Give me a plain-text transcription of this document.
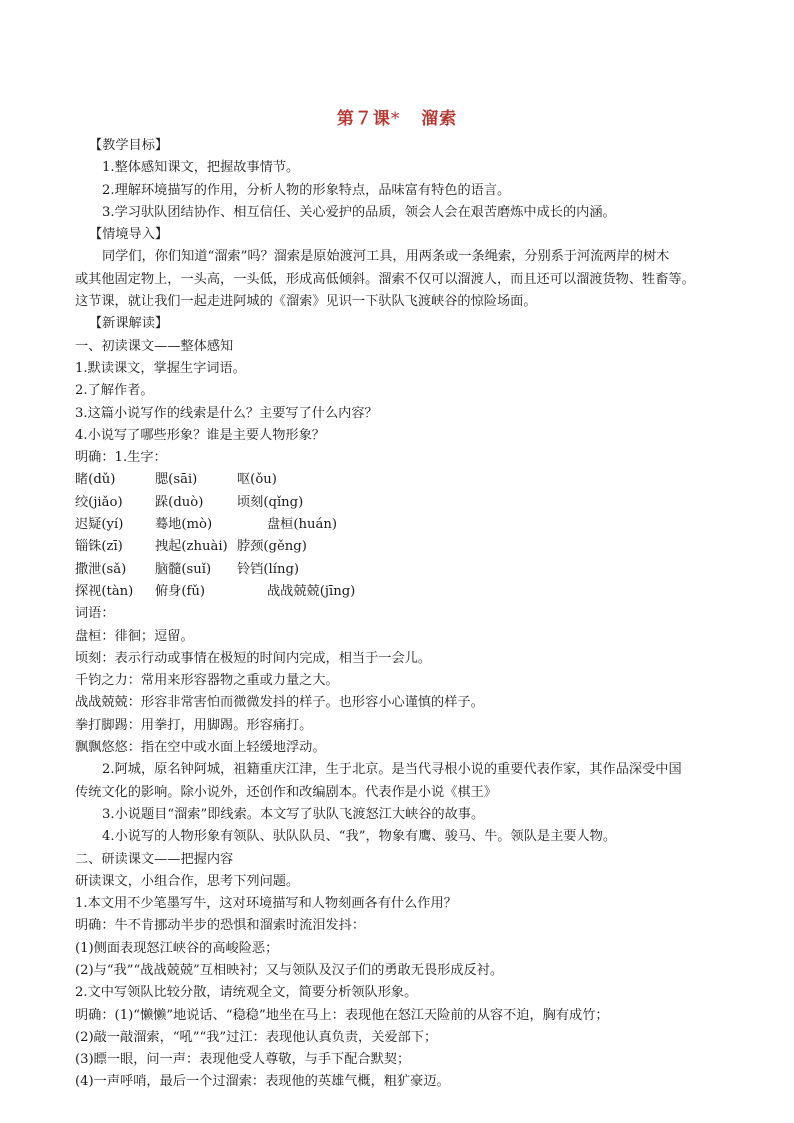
第７课* 溜索
【教学目标】
1.整体感知课文，把握故事情节。
2.理解环境描写的作用，分析人物的形象特点，品味富有特色的语言。
3.学习驮队团结协作、相互信任、关心爱护的品质，领会人会在艰苦磨炼中成长的内涵。
【情境导入】
同学们，你们知道“溜索”吗？溜索是原始渡河工具，用两条或一条绳索，分别系于河流两岸的树木
或其他固定物上，一头高，一头低，形成高低倾斜。溜索不仅可以溜渡人，而且还可以溜渡货物、牲畜等。
这节课，就让我们一起走进阿城的《溜索》见识一下驮队飞渡峡谷的惊险场面。
【新课解读】
一、初读课文——整体感知
1.默读课文，掌握生字词语。
2.了解作者。
3.这篇小说写作的线索是什么？主要写了什么内容？
4.小说写了哪些形象？谁是主要人物形象？
明确：1.生字：
睹(dǔ)	腮(sāi)	呕(ǒu)
绞(jiǎo)	跺(duò)	顷刻(qǐng)
迟疑(yí)	蓦地(mò)	盘桓(huán)
锱铢(zī)	拽起(zhuài) 脖颈(gěng)
撒泄(sǎ)	脑髓(suǐ)	铃铛(líng)
探视(tàn)	俯身(fǔ)	战战兢兢(jīng)
词语：
盘桓：徘徊；逗留。
顷刻：表示行动或事情在极短的时间内完成，相当于一会儿。
千钧之力：常用来形容器物之重或力量之大。
战战兢兢：形容非常害怕而微微发抖的样子。也形容小心谨慎的样子。
拳打脚踢：用拳打，用脚踢。形容痛打。
飘飘悠悠：指在空中或水面上轻缓地浮动。
2.阿城，原名钟阿城，祖籍重庆江津，生于北京。是当代寻根小说的重要代表作家，其作品深受中国
传统文化的影响。除小说外，还创作和改编剧本。代表作是小说《棋王》
3.小说题目“溜索”即线索。本文写了驮队飞渡怒江大峡谷的故事。
4.小说写的人物形象有领队、驮队队员、“我”，物象有鹰、骏马、牛。领队是主要人物。
二、研读课文——把握内容
研读课文，小组合作，思考下列问题。
1.本文用不少笔墨写牛，这对环境描写和人物刻画各有什么作用？
明确：牛不肯挪动半步的恐惧和溜索时流泪发抖：
(1)侧面表现怒江峡谷的高峻险恶；
(2)与“我”“战战兢兢”互相映衬；又与领队及汉子们的勇敢无畏形成反衬。
2.文中写领队比较分散，请统观全文，简要分析领队形象。
明确：(1)“懒懒”地说话、“稳稳”地坐在马上：表现他在怒江天险前的从容不迫，胸有成竹；
(2)敲一敲溜索，“吼”“我”过江：表现他认真负责，关爱部下；
(3)瞟一眼，问一声：表现他受人尊敬，与手下配合默契；
(4)一声呼哨，最后一个过溜索：表现他的英雄气概，粗犷豪迈。
